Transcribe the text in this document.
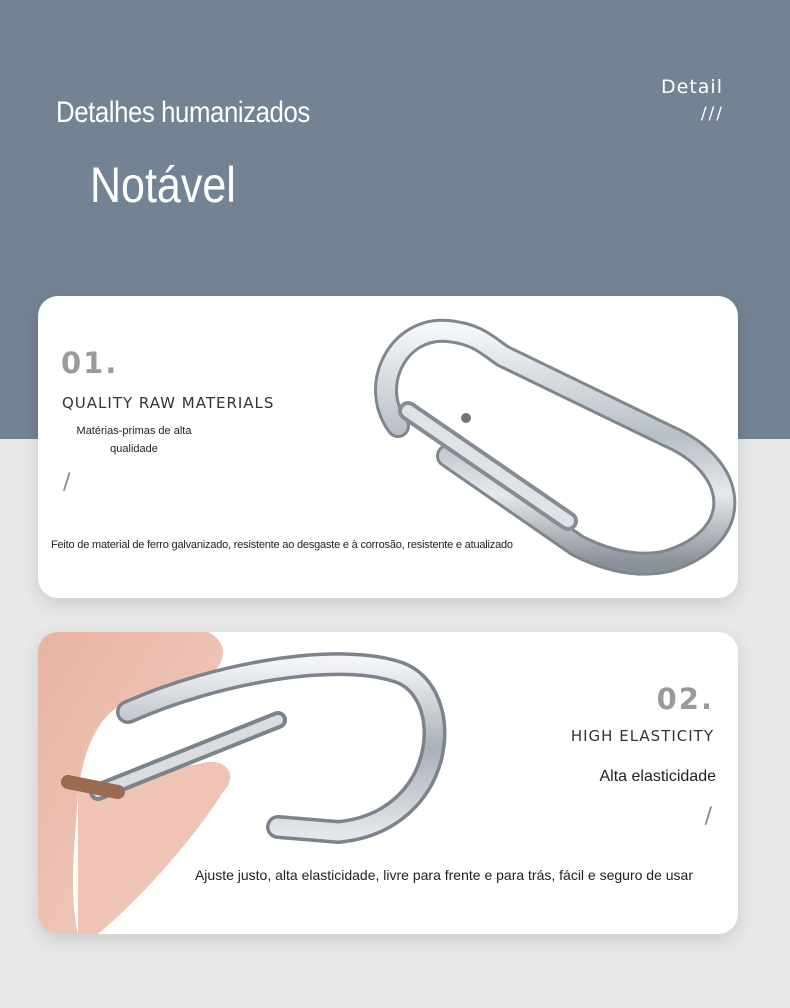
Detalhes humanizados
Notável
Detail
///
01.
QUALITY RAW MATERIALS
Matérias-primas de alta qualidade
/
Feito de material de ferro galvanizado, resistente ao desgaste e à corrosão, resistente e atualizado
02.
HIGH ELASTICITY
Alta elasticidade
/
Ajuste justo, alta elasticidade, livre para frente e para trás, fácil e seguro de usar
